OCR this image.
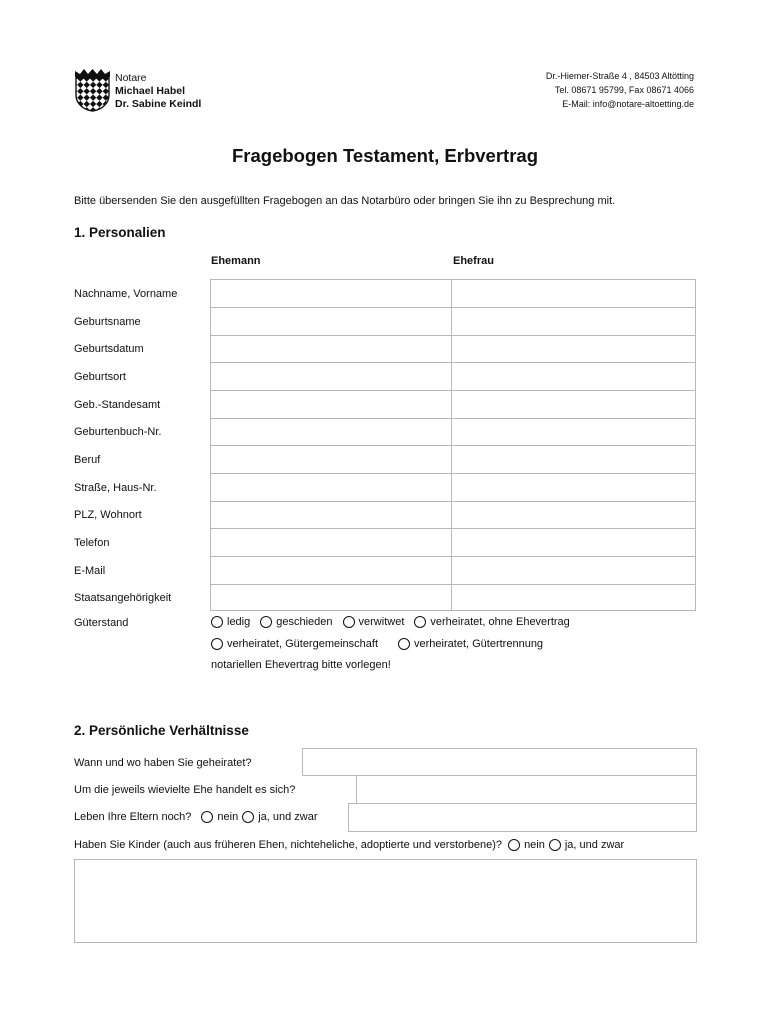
Notare
Michael Habel
Dr. Sabine Keindl
Dr.-Hiemer-Straße 4 , 84503 Altötting
Tel. 08671 95799, Fax 08671 4066
E-Mail: info@notare-altoetting.de
Fragebogen Testament, Erbvertrag
Bitte übersenden Sie den ausgefüllten Fragebogen an das Notarbüro oder bringen Sie ihn zu Besprechung mit.
1. Personalien
Ehemann	Ehefrau
Nachname, Vorname
Geburtsname
Geburtsdatum
Geburtsort
Geb.-Standesamt
Geburtenbuch-Nr.
Beruf
Straße, Haus-Nr.
PLZ, Wohnort
Telefon
E-Mail
Staatsangehörigkeit
Güterstand	ledig geschieden verwitwet verheiratet, ohne Ehevertrag
verheiratet, Gütergemeinschaft	verheiratet, Gütertrennung
notariellen Ehevertrag bitte vorlegen!
2. Persönliche Verhältnisse
Wann und wo haben Sie geheiratet?
Um die jeweils wievielte Ehe handelt es sich?
Leben Ihre Eltern noch? nein ja, und zwar
Haben Sie Kinder (auch aus früheren Ehen, nichteheliche, adoptierte und verstorbene)? nein ja, und zwar
